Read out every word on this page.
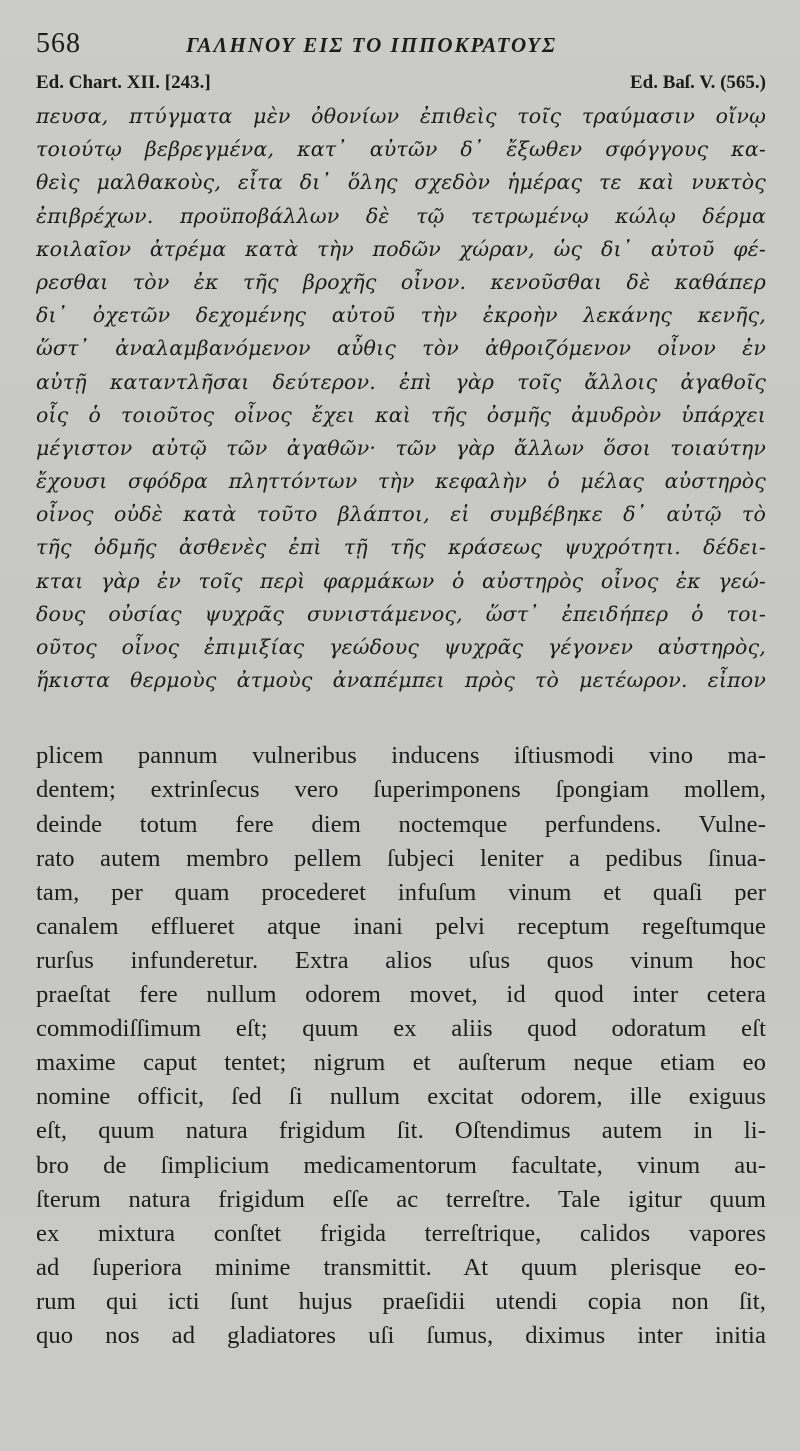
568	ΓΑΛΗΝΟΥ ΕΙΣ ΤΟ ΙΠΠΟΚΡΑΤΟΥΣ
Ed. Chart. XII. [243.]	Ed. Baſ. V. (565.)
πευσα, πτύγματα μὲν ὀθονίων ἐπιθεὶς τοῖς τραύμασιν οἴνῳ
τοιούτῳ βεβρεγμένα, κατ᾽ αὐτῶν δ᾽ ἔξωθεν σφόγγους κα-
θεὶς μαλθακοὺς, εἶτα δι᾽ ὅλης σχεδὸν ἡμέρας τε καὶ νυκτὸς
ἐπιβρέχων. προϋποβάλλων δὲ τῷ τετρωμένῳ κώλῳ δέρμα
κοιλαῖον ἀτρέμα κατὰ τὴν ποδῶν χώραν, ὡς δι᾽ αὐτοῦ φέ-
ρεσθαι τὸν ἐκ τῆς βροχῆς οἶνον. κενοῦσθαι δὲ καθάπερ
δι᾽ ὀχετῶν δεχομένης αὐτοῦ τὴν ἐκροὴν λεκάνης κενῆς,
ὥστ᾽ ἀναλαμβανόμενον αὖθις τὸν ἀθροιζόμενον οἶνον ἐν
αὐτῇ καταντλῆσαι δεύτερον. ἐπὶ γὰρ τοῖς ἄλλοις ἀγαθοῖς
οἷς ὁ τοιοῦτος οἶνος ἔχει καὶ τῆς ὀσμῆς ἀμυδρὸν ὑπάρχει
μέγιστον αὐτῷ τῶν ἀγαθῶν· τῶν γὰρ ἄλλων ὅσοι τοιαύτην
ἔχουσι σφόδρα πληττόντων τὴν κεφαλὴν ὁ μέλας αὐστηρὸς
οἶνος οὐδὲ κατὰ τοῦτο βλάπτοι, εἰ συμβέβηκε δ᾽ αὐτῷ τὸ
τῆς ὀδμῆς ἀσθενὲς ἐπὶ τῇ τῆς κράσεως ψυχρότητι. δέδει-
κται γὰρ ἐν τοῖς περὶ φαρμάκων ὁ αὐστηρὸς οἶνος ἐκ γεώ-
δους οὐσίας ψυχρᾶς συνιστάμενος, ὥστ᾽ ἐπειδήπερ ὁ τοι-
οῦτος οἶνος ἐπιμιξίας γεώδους ψυχρᾶς γέγονεν αὐστηρὸς,
ἥκιστα θερμοὺς ἀτμοὺς ἀναπέμπει πρὸς τὸ μετέωρον. εἶπον
plicem pannum vulneribus inducens iſtiusmodi vino ma-
dentem; extrinſecus vero ſuperimponens ſpongiam mollem,
deinde totum fere diem noctemque perfundens. Vulne-
rato autem membro pellem ſubjeci leniter a pedibus ſinua-
tam, per quam procederet infuſum vinum et quaſi per
canalem efflueret atque inani pelvi receptum regeſtumque
rurſus infunderetur. Extra alios uſus quos vinum hoc
praeſtat fere nullum odorem movet, id quod inter cetera
commodiſſimum eſt; quum ex aliis quod odoratum eſt
maxime caput tentet; nigrum et auſterum neque etiam eo
nomine officit, ſed ſi nullum excitat odorem, ille exiguus
eſt, quum natura frigidum ſit. Oſtendimus autem in li-
bro de ſimplicium medicamentorum facultate, vinum au-
ſterum natura frigidum eſſe ac terreſtre. Tale igitur quum
ex mixtura conſtet frigida terreſtrique, calidos vapores
ad ſuperiora minime transmittit. At quum plerisque eo-
rum qui icti ſunt hujus praeſidii utendi copia non ſit,
quo nos ad gladiatores uſi ſumus, diximus inter initia
